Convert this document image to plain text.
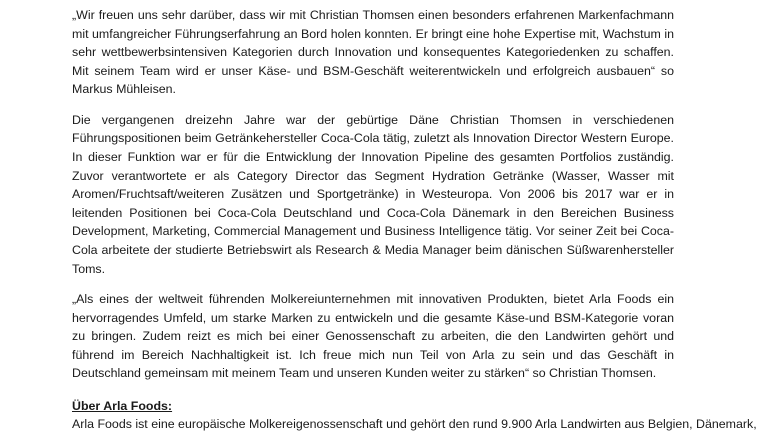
„Wir freuen uns sehr darüber, dass wir mit Christian Thomsen einen besonders erfahrenen Markenfachmann mit umfangreicher Führungserfahrung an Bord holen konnten. Er bringt eine hohe Expertise mit, Wachstum in sehr wettbewerbsintensiven Kategorien durch Innovation und konsequentes Kategoriedenken zu schaffen. Mit seinem Team wird er unser Käse- und BSM-Geschäft weiterentwickeln und erfolgreich ausbauen“ so Markus Mühleisen.

Die vergangenen dreizehn Jahre war der gebürtige Däne Christian Thomsen in verschiedenen Führungspositionen beim Getränkehersteller Coca-Cola tätig, zuletzt als Innovation Director Western Europe. In dieser Funktion war er für die Entwicklung der Innovation Pipeline des gesamten Portfolios zuständig. Zuvor verantwortete er als Category Director das Segment Hydration Getränke (Wasser, Wasser mit Aromen/Fruchtsaft/weiteren Zusätzen und Sportgetränke) in Westeuropa. Von 2006 bis 2017 war er in leitenden Positionen bei Coca-Cola Deutschland und Coca-Cola Dänemark in den Bereichen Business Development, Marketing, Commercial Management und Business Intelligence tätig. Vor seiner Zeit bei Coca-Cola arbeitete der studierte Betriebswirt als Research & Media Manager beim dänischen Süßwarenhersteller Toms.

„Als eines der weltweit führenden Molkereiunternehmen mit innovativen Produkten, bietet Arla Foods ein hervorragendes Umfeld, um starke Marken zu entwickeln und die gesamte Käse-und BSM-Kategorie voran zu bringen. Zudem reizt es mich bei einer Genossenschaft zu arbeiten, die den Landwirten gehört und führend im Bereich Nachhaltigkeit ist. Ich freue mich nun Teil von Arla zu sein und das Geschäft in Deutschland gemeinsam mit meinem Team und unseren Kunden weiter zu stärken“ so Christian Thomsen.

Über Arla Foods:

Arla Foods ist eine europäische Molkereigenossenschaft und gehört den rund 9.900 Arla Landwirten aus Belgien, Dänemark,
